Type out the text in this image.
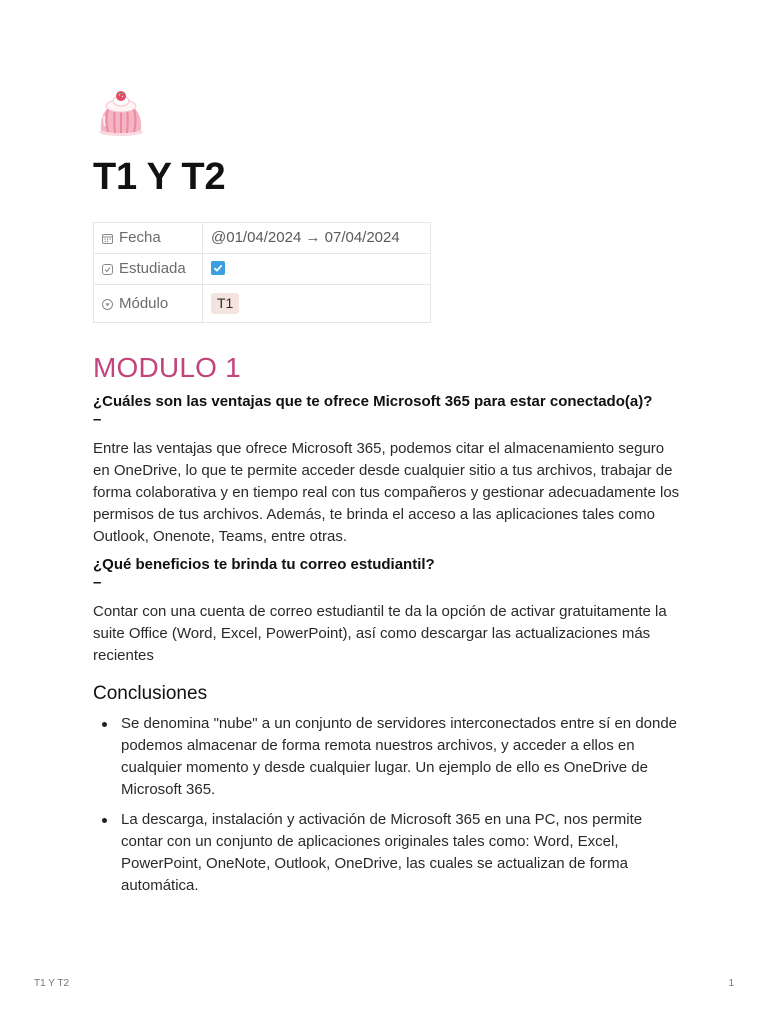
T1 Y T2
Fecha	@01/04/2024 → 07/04/2024
Estudiada	

Módulo	T1
MODULO 1

¿Cuáles son las ventajas que te ofrece Microsoft 365 para estar conectado(a)?

–

Entre las ventajas que ofrece Microsoft 365, podemos citar el almacenamiento seguro en OneDrive, lo que te permite acceder desde cualquier sitio a tus archivos, trabajar de forma colaborativa y en tiempo real con tus compañeros y gestionar adecuadamente los permisos de tus archivos. Además, te brinda el acceso a las aplicaciones tales como Outlook, Onenote, Teams, entre otras.

¿Qué beneficios te brinda tu correo estudiantil?

–

Contar con una cuenta de correo estudiantil te da la opción de activar gratuitamente la suite Office (Word, Excel, PowerPoint), así como descargar las actualizaciones más recientes

Conclusiones
Se denomina "nube" a un conjunto de servidores interconectados entre sí en donde podemos almacenar de forma remota nuestros archivos, y acceder a ellos en cualquier momento y desde cualquier lugar. Un ejemplo de ello es OneDrive de Microsoft 365.
La descarga, instalación y activación de Microsoft 365 en una PC, nos permite contar con un conjunto de aplicaciones originales tales como: Word, Excel, PowerPoint, OneNote, Outlook, OneDrive, las cuales se actualizan de forma automática.
T1 Y T2	1
